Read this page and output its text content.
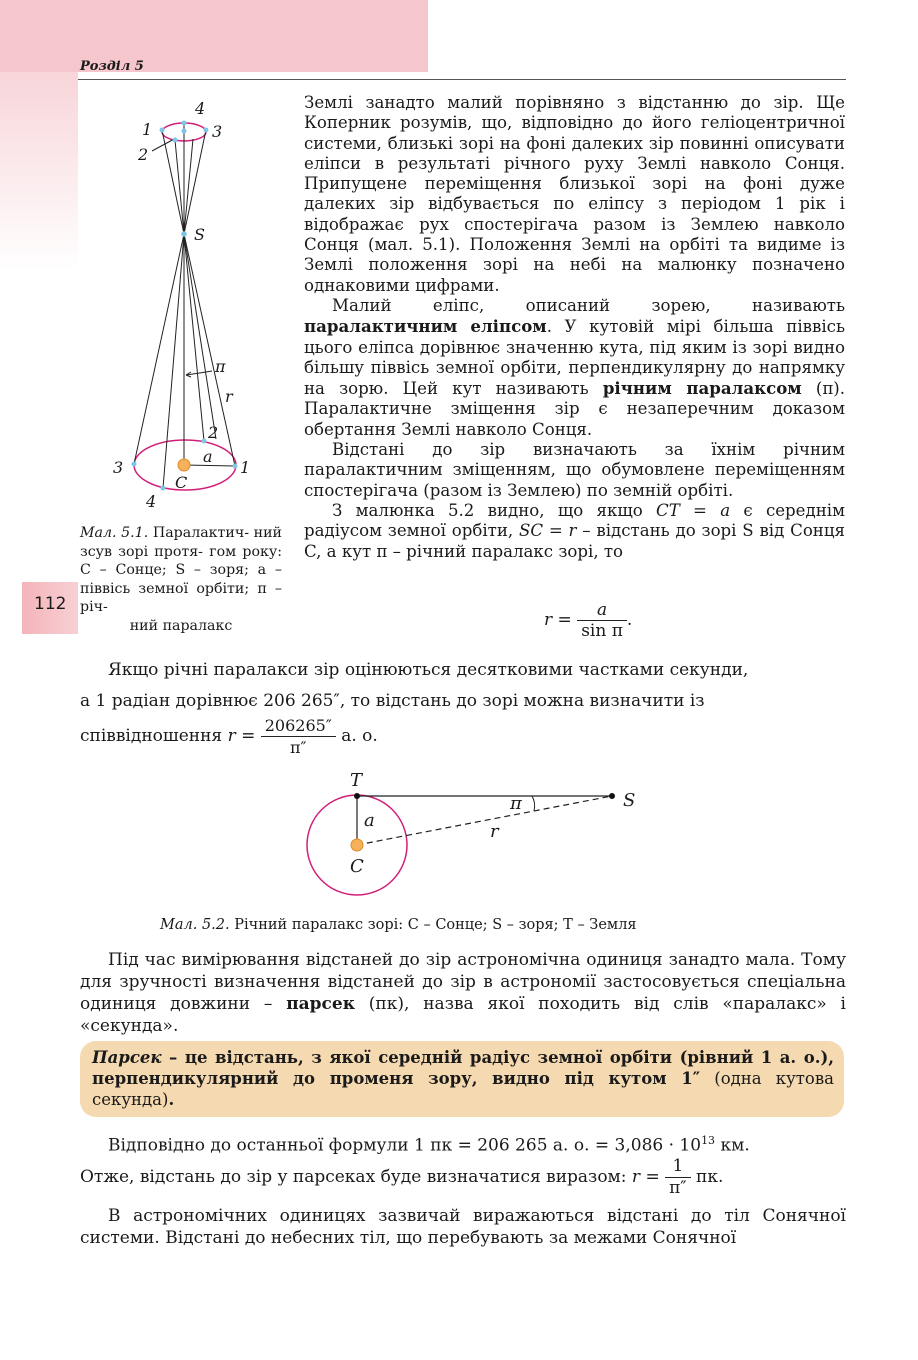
Розділ 5
4
1	3
2
S
π
r
2
a
3	1
C
4
Мал. 5.1. Паралактич- ний зсув зорі протя- гом року: C – Сонце; S – зоря; a – піввісь земної орбіти; π – річ-
ний паралакс
112

Землі занадто малий порівняно з відстанню до зір. Ще Коперник розумів, що, відповідно до його геліоцентричної системи, близькі зорі на фоні далеких зір повинні описувати еліпси в результаті річного руху Землі навколо Сонця. Припущене переміщення близької зорі на фоні дуже далеких зір відбувається по еліпсу з періодом 1 рік і відображає рух спостерігача разом із Землею навколо Сонця (мал. 5.1). Положення Землі на орбіті та видиме із Землі положення зорі на небі на малюнку позначено однаковими цифрами.

Малий еліпс, описаний зорею, називають паралактичним еліпсом. У кутовій мірі більша піввісь цього еліпса дорівнює значенню кута, під яким із зорі видно більшу піввісь земної орбіти, перпендикулярну до напрямку на зорю. Цей кут називають річним паралаксом (π). Паралактичне зміщення зір є незаперечним доказом обертання Землі навколо Сонця.

Відстані до зір визначають за їхнім річним паралактичним зміщенням, що обумовлене переміщенням спостерігача (разом із Землею) по земній орбіті.

З малюнка 5.2 видно, що якщо CT = a є середнім радіусом земної орбіти, SC = r – відстань до зорі S від Сонця C, а кут π – річний паралакс зорі, то

$r = \frac{a}{\text{sin π}}$ .

Якщо річні паралакси зір оцінюються десятковими частками секунди,

а 1 радіан дорівнює 206 265″, то відстань до зорі можна визначити із

співвідношення $r = \frac{206265''}{\pi''} а$. о.

T
S
π
a
r
C
Мал. 5.2. Річний паралакс зорі: C – Сонце; S – зоря; T – Земля

Під час вимірювання відстаней до зір астрономічна одиниця занадто мала. Тому для зручності визначення відстаней до зір в астрономії застосовується спеціальна одиниця довжини – парсек (пк), назва якої походить від слів «паралакс» і «секунда».

Парсек – це відстань, з якої середній радіус земної орбіти (рівний 1 а. о.), перпендикулярний до променя зору, видно під кутом 1″ (одна кутова секунда).

Відповідно до останньої формули 1 пк = 206 265 а. о. = $3,086 \cdot 10^{13}$ км.

Отже, відстань до зір у парсеках буде визначатися виразом: $r = \frac{1}{\pi''}$ пк.

В астрономічних одиницях зазвичай виражаються відстані до тіл Сонячної системи. Відстані до небесних тіл, що перебувають за межами Сонячної
